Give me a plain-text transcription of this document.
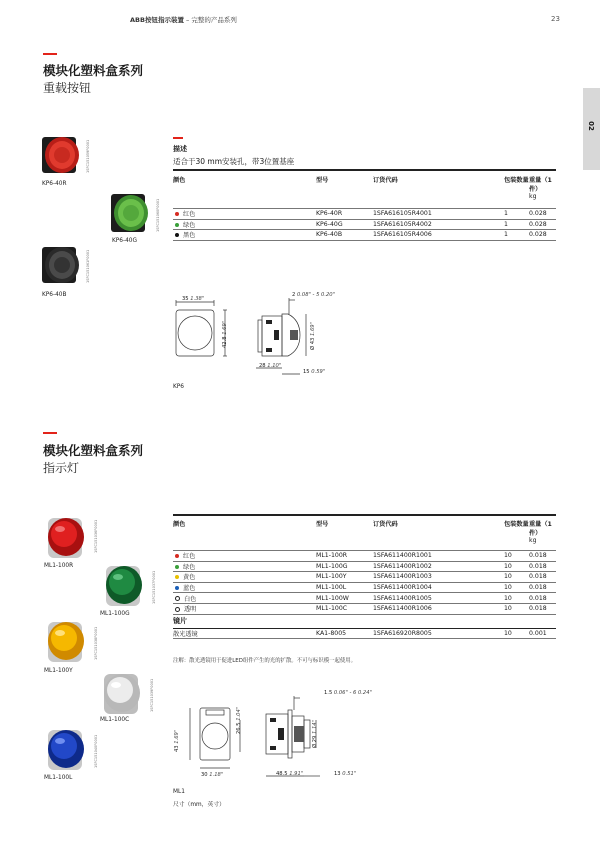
ABB按钮指示装置 – 完整的产品系列	23
02
模块化塑料盒系列
重载按钮
1SFC151059F0001
KP6-40R
1SFC151060F0001
KP6-40G
1SFC151061F0001
KP6-40B
描述
适合于30 mm安装孔，带3位置基座
颜色	型号	订货代码	包装数量	重量（1件）
kg

红色	KP6-40R	1SFA616105R4001	1	0.028
绿色	KP6-40G	1SFA616105R4002	1	0.028
黑色	KP6-40B	1SFA616105R4006	1	0.028
35 1.38"
42.8 1.69"
Ø 43 1.69"
2 0.08" - 5 0.20"
28 1.10"
15 0.59"
KP6
模块化塑料盒系列
指示灯
1SFC151036F0001
ML1-100R
1SFC151037F0001
ML1-100G
1SFC151038F0001
ML1-100Y
1SFC151039F0001
ML1-100C
1SFC151040F0001
ML1-100L
颜色	型号	订货代码	包装数量	重量（1件）
kg

红色	ML1-100R	1SFA611400R1001	10	0.018
绿色	ML1-100G	1SFA611400R1002	10	0.018
黄色	ML1-100Y	1SFA611400R1003	10	0.018
蓝色	ML1-100L	1SFA611400R1004	10	0.018
白色	ML1-100W	1SFA611400R1005	10	0.018
透明	ML1-100C	1SFA611400R1006	10	0.018
镜片				
散光透镜	KA1-8005	1SFA616920R8005	10	0.001
注解：散光透镜用于促进LED组件产生的光的扩散。不可与标识模一起使用。
43 1.69"
26.5 1.04"
30 1.18"
Ø 29 1.14"
1.5 0.06" - 6 0.24"
48.5 1.91"	13 0.51"
ML1
尺寸（mm，英寸）
